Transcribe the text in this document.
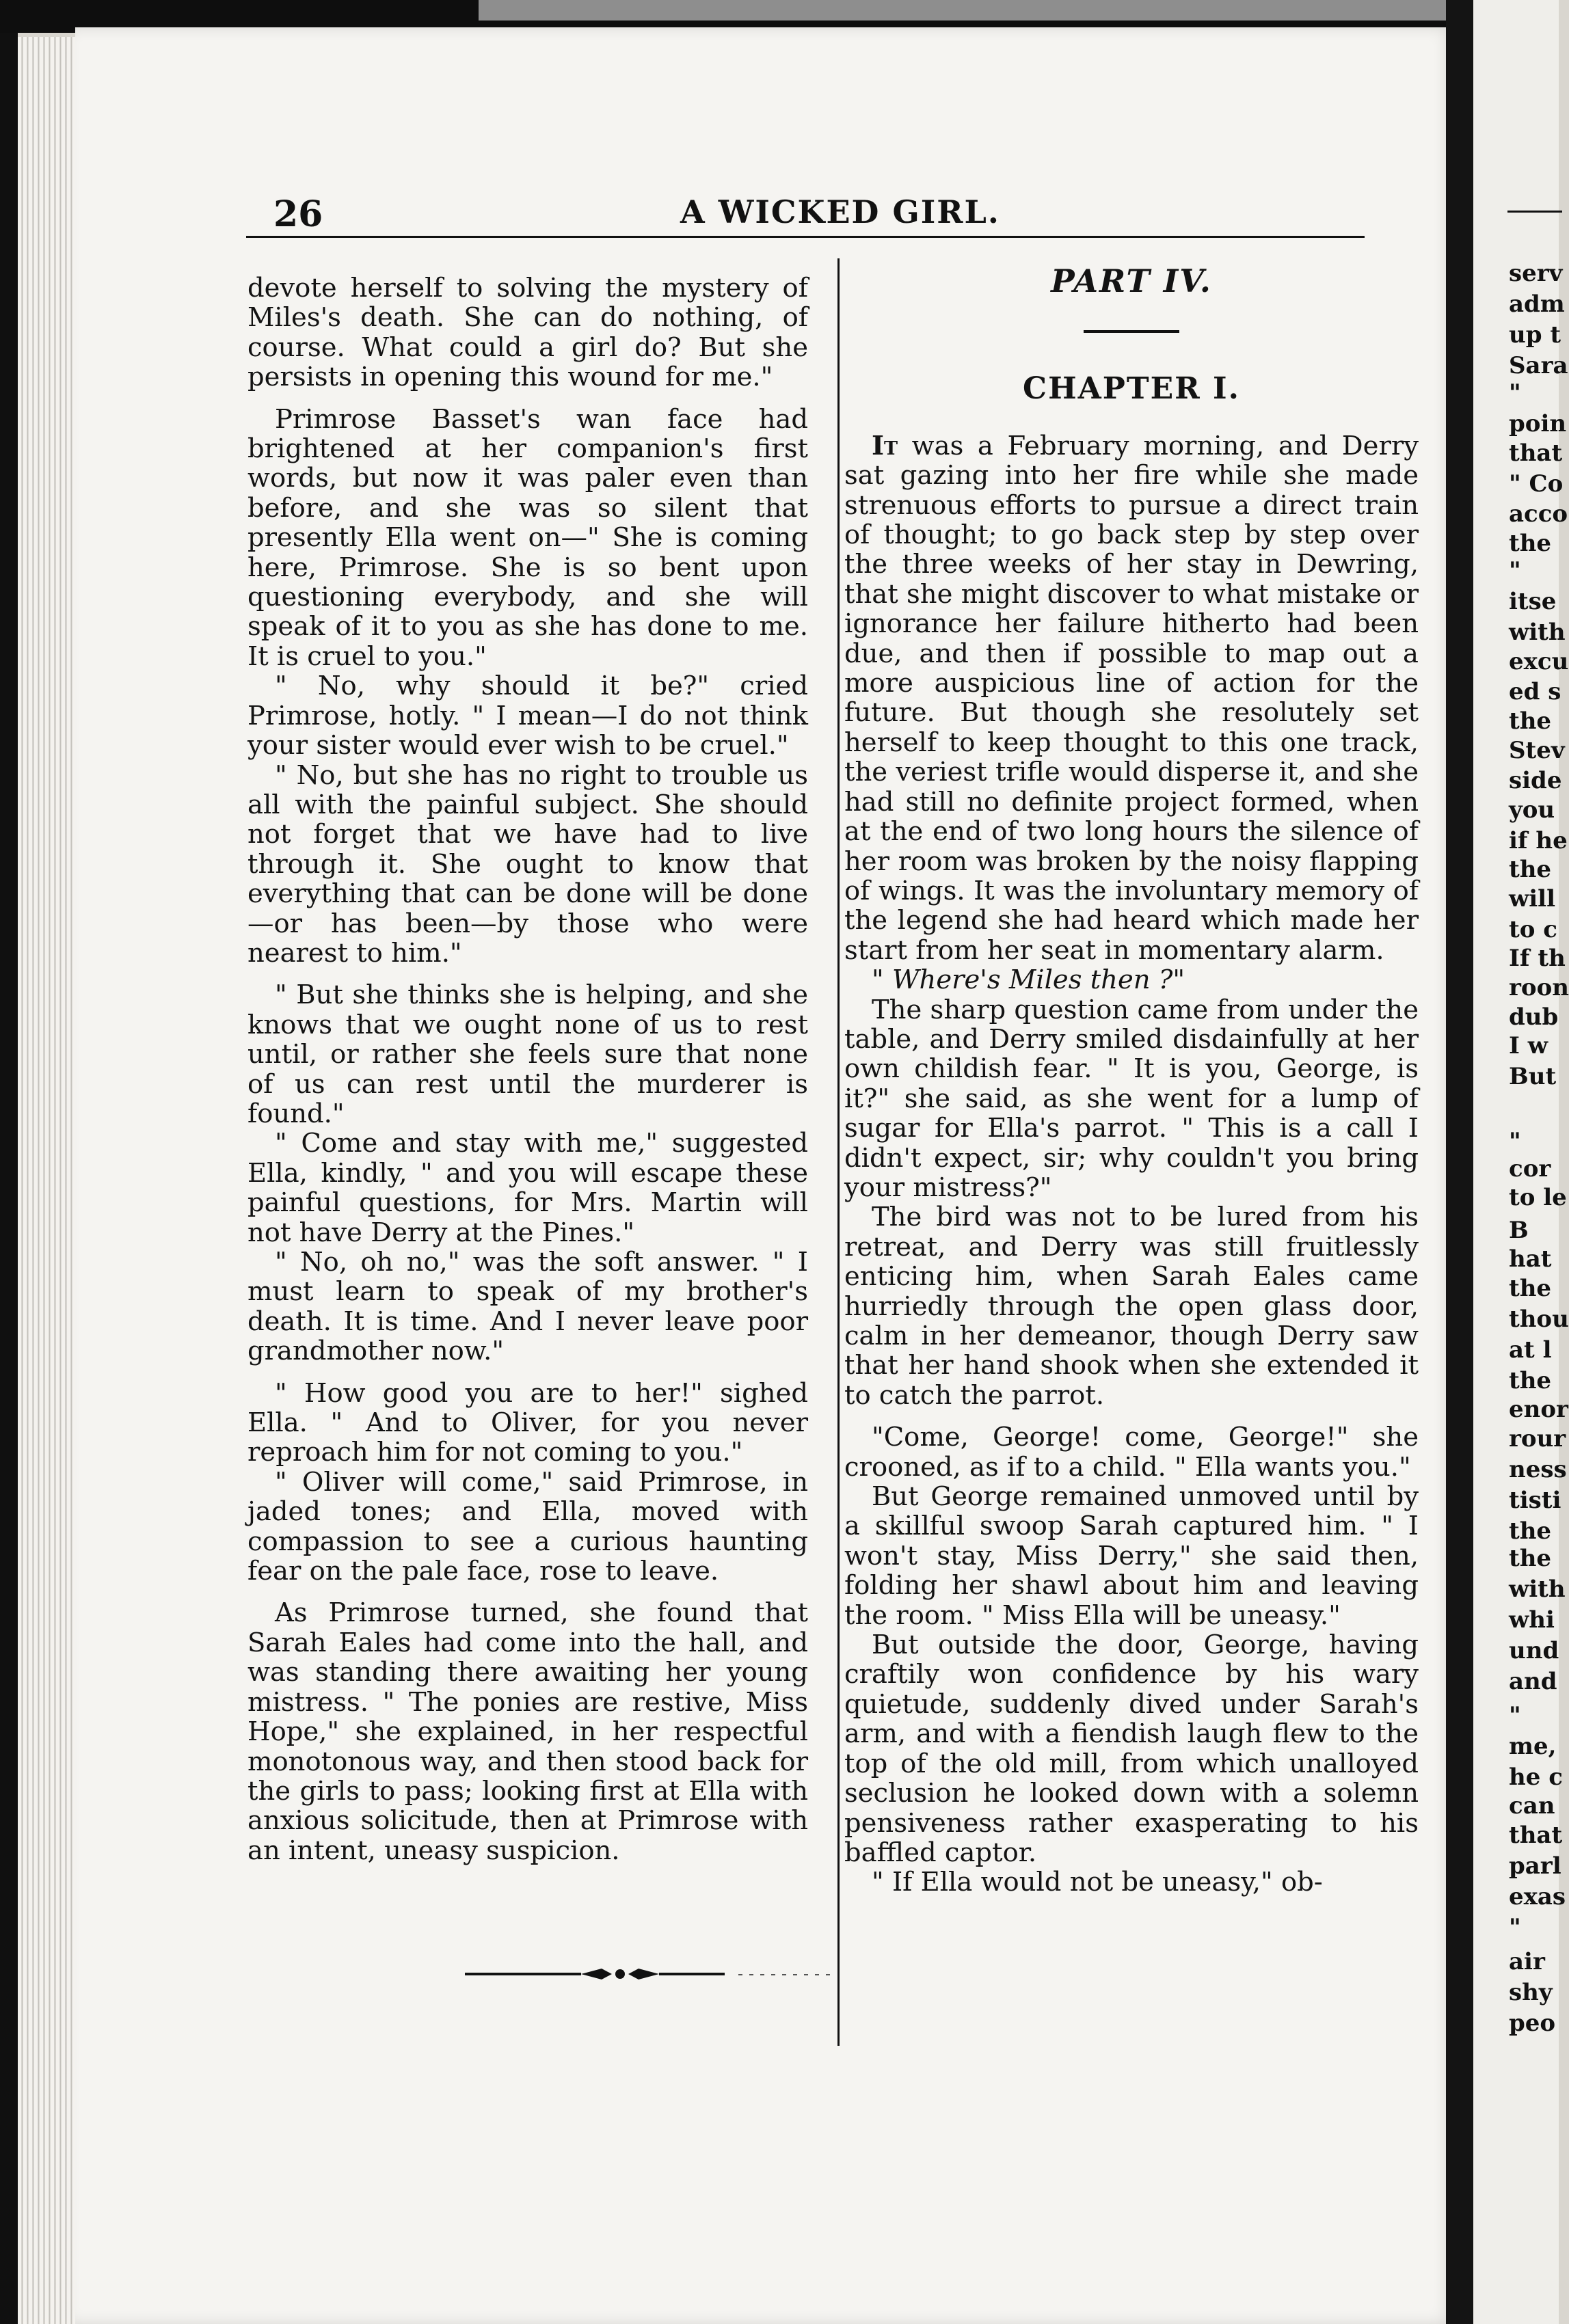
26	A WICKED GIRL.

devote herself to solving the mystery of Miles's death. She can do nothing, of course. What could a girl do? But she persists in opening this wound for me."

Primrose Basset's wan face had brightened at her companion's first words, but now it was paler even than before, and she was so silent that presently Ella went on—" She is coming here, Primrose. She is so bent upon questioning everybody, and she will speak of it to you as she has done to me. It is cruel to you."

" No, why should it be?" cried Primrose, hotly. " I mean—I do not think your sister would ever wish to be cruel."

" No, but she has no right to trouble us all with the painful subject. She should not forget that we have had to live through it. She ought to know that everything that can be done will be done—or has been—by those who were nearest to him."

" But she thinks she is helping, and she knows that we ought none of us to rest until, or rather she feels sure that none of us can rest until the murderer is found."

" Come and stay with me," suggested Ella, kindly, " and you will escape these painful questions, for Mrs. Martin will not have Derry at the Pines."

" No, oh no," was the soft answer. " I must learn to speak of my brother's death. It is time. And I never leave poor grandmother now."

" How good you are to her!" sighed Ella. " And to Oliver, for you never reproach him for not coming to you."

" Oliver will come," said Primrose, in jaded tones; and Ella, moved with compassion to see a curious haunting fear on the pale face, rose to leave.

As Primrose turned, she found that Sarah Eales had come into the hall, and was standing there awaiting her young mistress. " The ponies are restive, Miss Hope," she explained, in her respectful monotonous way, and then stood back for the girls to pass; looking first at Ella with anxious solicitude, then at Primrose with an intent, uneasy suspicion.

PART IV.
CHAPTER I.

It was a February morning, and Derry sat gazing into her fire while she made strenuous efforts to pursue a direct train of thought; to go back step by step over the three weeks of her stay in Dewring, that she might discover to what mistake or ignorance her failure hitherto had been due, and then if possible to map out a more auspicious line of action for the future. But though she resolutely set herself to keep thought to this one track, the veriest trifle would disperse it, and she had still no definite project formed, when at the end of two long hours the silence of her room was broken by the noisy flapping of wings. It was the involuntary memory of the legend she had heard which made her start from her seat in momentary alarm.

" Where's Miles then ?"

The sharp question came from under the table, and Derry smiled disdainfully at her own childish fear. " It is you, George, is it?" she said, as she went for a lump of sugar for Ella's parrot. " This is a call I didn't expect, sir; why couldn't you bring your mistress?"

The bird was not to be lured from his retreat, and Derry was still fruitlessly enticing him, when Sarah Eales came hurriedly through the open glass door, calm in her demeanor, though Derry saw that her hand shook when she extended it to catch the parrot.

"Come, George! come, George!" she crooned, as if to a child. " Ella wants you."

But George remained unmoved until by a skillful swoop Sarah captured him. " I won't stay, Miss Derry," she said then, folding her shawl about him and leaving the room. " Miss Ella will be uneasy."

But outside the door, George, having craftily won confidence by his wary quietude, suddenly dived under Sarah's arm, and with a fiendish laugh flew to the top of the old mill, from which unalloyed seclusion he looked down with a solemn pensiveness rather exasperating to his baffled captor.

" If Ella would not be uneasy," ob-

serv
adm
up t
Sara
"
poin
that
" Co
acco
the
"
itse
with
excu
ed s
the
Stev
side
you
if he
the
will
to c
If th
roon
dub
I w
But
"
cor
to le
B
hat
the
thou
at l
the
enor
rour
ness
tisti
the
the
with
whi
und
and
"
me,
he c
can
that
parl
exas
"
air
shy
peo
